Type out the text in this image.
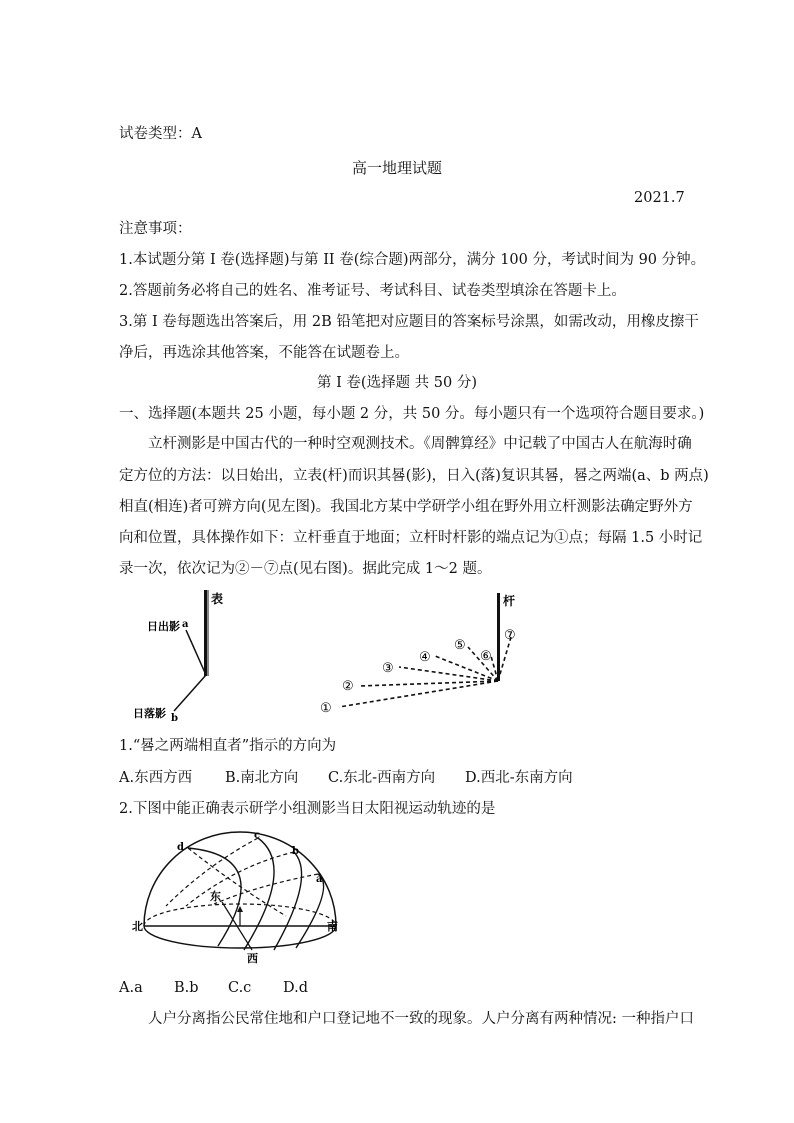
试卷类型：A
高一地理试题
2021.7
注意事项：
1.本试题分第 I 卷(选择题)与第 II 卷(综合题)两部分，满分 100 分，考试时间为 90 分钟。
2.答题前务必将自己的姓名、准考证号、考试科目、试卷类型填涂在答题卡上。
3.第 I 卷每题选出答案后，用 2B 铅笔把对应题目的答案标号涂黑，如需改动，用橡皮擦干
净后，再选涂其他答案，不能答在试题卷上。
第 I 卷(选择题 共 50 分)
一、选择题(本题共 25 小题，每小题 2 分，共 50 分。每小题只有一个选项符合题目要求。)
立杆测影是中国古代的一种时空观测技术。《周髀算经》中记载了中国古人在航海时确
定方位的方法：以日始出，立表(杆)而识其晷(影)，日入(落)复识其晷，晷之两端(a、b 两点)
相直(相连)者可辨方向(见左图)。我国北方某中学研学小组在野外用立杆测影法确定野外方
向和位置，具体操作如下：立杆垂直于地面；立杆时杆影的端点记为①点；每隔 1.5 小时记
录一次，依次记为②－⑦点(见右图)。据此完成 1～2 题。
表
日出影 a
日落影 b
杆
①
②
③
④
⑤
⑥
⑦
1.“晷之两端相直者”指示的方向为
A.东西方西 B.南北方向 C.东北-西南方向 D.西北-东南方向
2.下图中能正确表示研学小组测影当日太阳视运动轨迹的是
北	南
东
西
a
b
c
d
A.a B.b C.c D.d
人户分离指公民常住地和户口登记地不一致的现象。人户分离有两种情况: 一种指户口
